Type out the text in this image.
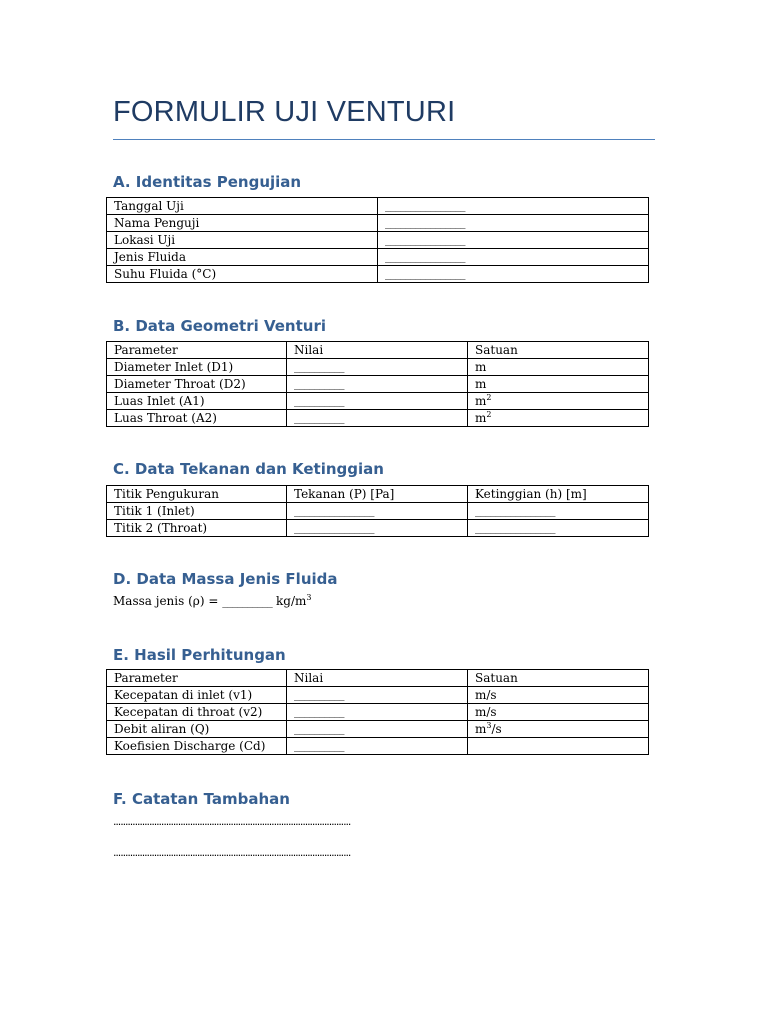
FORMULIR UJI VENTURI
A. Identitas Pengujian
Tanggal Uji	________________
Nama Penguji	________________
Lokasi Uji	________________
Jenis Fluida	________________
Suhu Fluida (°C)	________________
B. Data Geometri Venturi
Parameter	Nilai	Satuan
Diameter Inlet (D1)	__________	m
Diameter Throat (D2)	__________	m
Luas Inlet (A1)	__________	$m^2$
Luas Throat (A2)	__________	$m^2$
C. Data Tekanan dan Ketinggian
Titik Pengukuran	Tekanan (P) [Pa]	Ketinggian (h) [m]
Titik 1 (Inlet)	________________	________________
Titik 2 (Throat)	________________	________________
D. Data Massa Jenis Fluida
Massa jenis (ρ) = __________ $kg/m^3$
E. Hasil Perhitungan
Parameter	Nilai	Satuan
Kecepatan di inlet (v1)	__________	m/s
Kecepatan di throat (v2)	__________	m/s
Debit aliran (Q)	__________	$m^3/s$
Koefisien Discharge (Cd)	__________	
F. Catatan Tambahan
...................................................................................................
...................................................................................................
